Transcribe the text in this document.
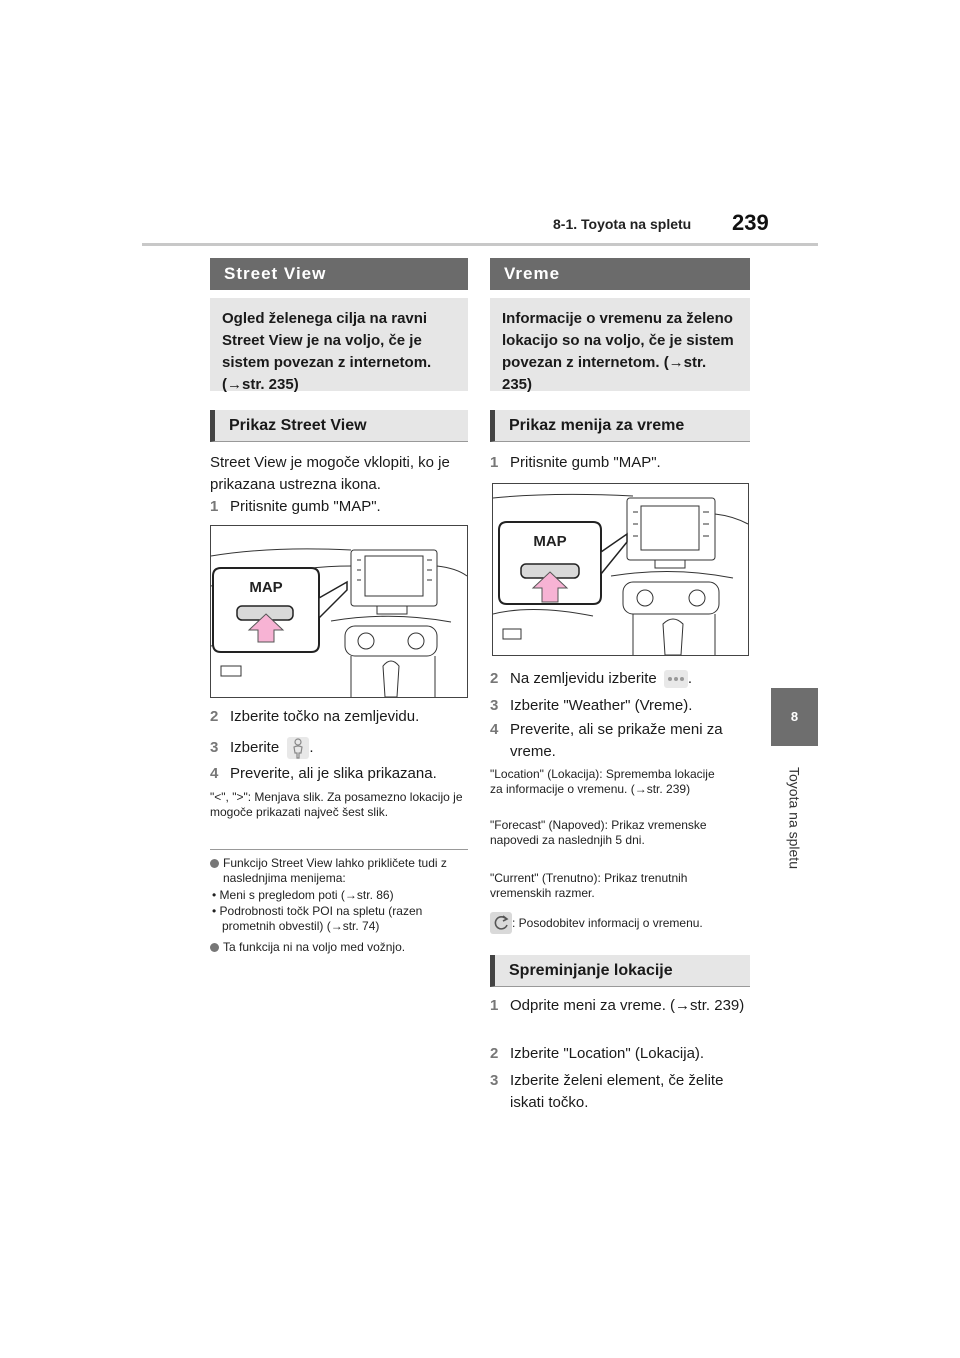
8-1. Toyota na spletu 239
8
Toyota na spletu
Street View
Ogled želenega cilja na ravni Street View je na voljo, če je sistem povezan z internetom. (→str. 235)
Prikaz Street View
Street View je mogoče vklopiti, ko je prikazana ustrezna ikona.
1 Pritisnite gumb "MAP".
MAP
2 Izberite točko na zemljevidu.
3 Izberite .
4 Preverite, ali je slika prikazana.
"<", ">": Menjava slik. Za posamezno lokacijo je mogoče prikazati največ šest slik.
Funkcijo Street View lahko prikličete tudi z naslednjima menijema:
• Meni s pregledom poti (→str. 86)
• Podrobnosti točk POI na spletu (razen prometnih obvestil) (→str. 74)
Ta funkcija ni na voljo med vožnjo.
Vreme
Informacije o vremenu za želeno lokacijo so na voljo, če je sistem povezan z internetom. (→str. 235)
Prikaz menija za vreme
1 Pritisnite gumb "MAP".
MAP
2 Na zemljevidu izberite .
3 Izberite "Weather" (Vreme).
4 Preverite, ali se prikaže meni za vreme.
"Location" (Lokacija): Sprememba lokacije za informacije o vremenu. (→str. 239)
"Forecast" (Napoved): Prikaz vremenske napovedi za naslednjih 5 dni.
"Current" (Trenutno): Prikaz trenutnih vremenskih razmer.
: Posodobitev informacij o vremenu.
Spreminjanje lokacije
1 Odprite meni za vreme. (→str. 239)
2 Izberite "Location" (Lokacija).
3 Izberite želeni element, če želite iskati točko.
